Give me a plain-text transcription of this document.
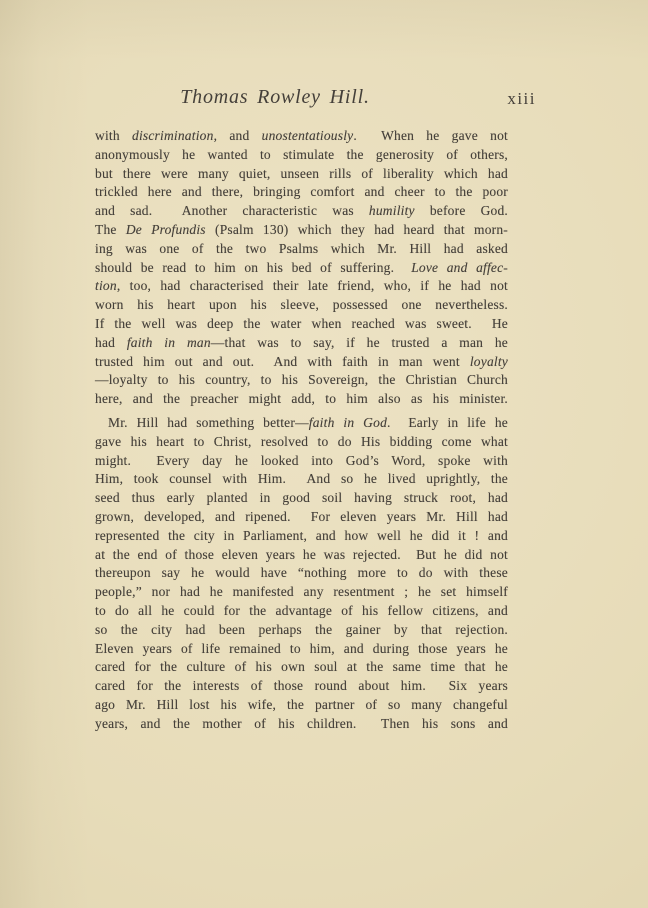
Thomas Rowley Hill.	xiii
with discrimination, and unostentatiously.  When he gave not
anonymously he wanted to stimulate the generosity of others,
but there were many quiet, unseen rills of liberality which had
trickled here and there, bringing comfort and cheer to the poor
and sad.  Another characteristic was humility before God.
The De Profundis (Psalm 130) which they had heard that morn-
ing was one of the two Psalms which Mr. Hill had asked
should be read to him on his bed of suffering.  Love and affec-
tion, too, had characterised their late friend, who, if he had not
worn his heart upon his sleeve, possessed one nevertheless.
If the well was deep the water when reached was sweet.  He
had faith in man—that was to say, if he trusted a man he
trusted him out and out.  And with faith in man went loyalty
—loyalty to his country, to his Sovereign, the Christian Church
here, and the preacher might add, to him also as his minister.
Mr. Hill had something better—faith in God.  Early in life he
gave his heart to Christ, resolved to do His bidding come what
might.  Every day he looked into God’s Word, spoke with
Him, took counsel with Him.  And so he lived uprightly, the
seed thus early planted in good soil having struck root, had
grown, developed, and ripened.  For eleven years Mr. Hill had
represented the city in Parliament, and how well he did it ! and
at the end of those eleven years he was rejected.  But he did not
thereupon say he would have “nothing more to do with these
people,” nor had he manifested any resentment ; he set himself
to do all he could for the advantage of his fellow citizens, and
so the city had been perhaps the gainer by that rejection.
Eleven years of life remained to him, and during those years he
cared for the culture of his own soul at the same time that he
cared for the interests of those round about him.  Six years
ago Mr. Hill lost his wife, the partner of so many changeful
years, and the mother of his children.  Then his sons and
